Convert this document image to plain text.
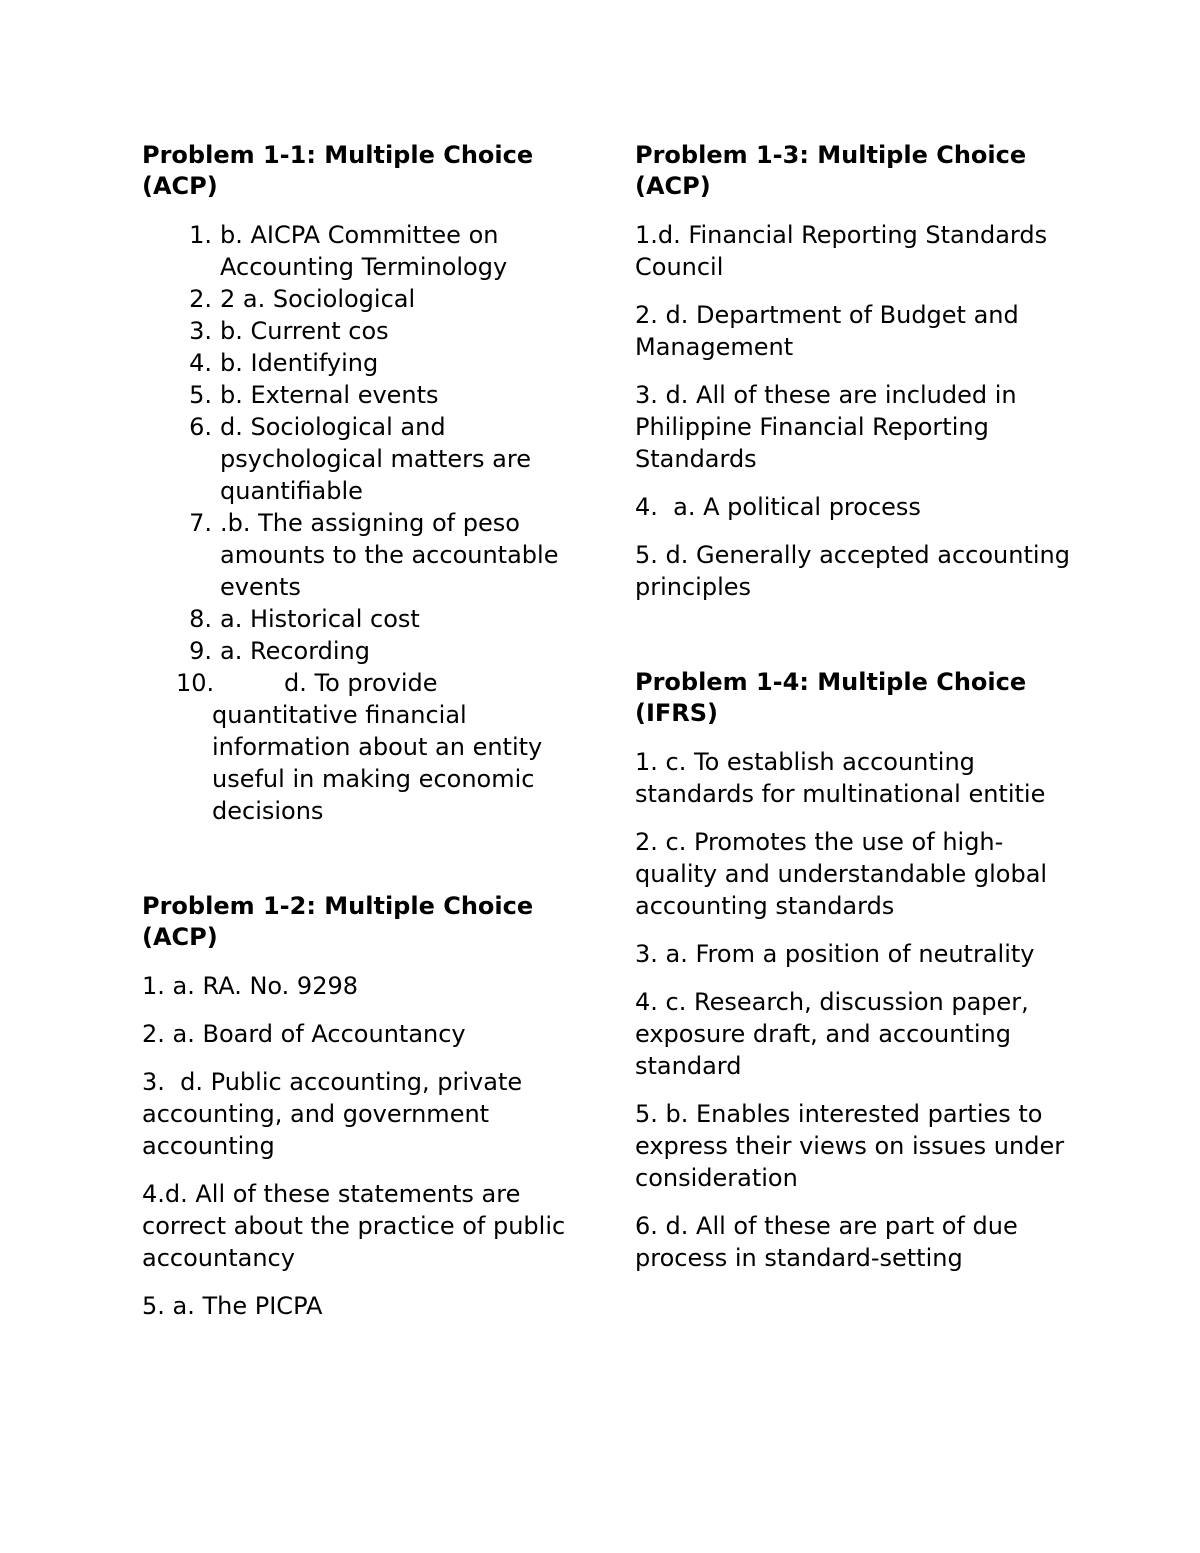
Problem 1-1: Multiple Choice
(ACP)
1. b. AICPA Committee on Accounting Terminology
2. 2 a. Sociological
3. b. Current cos
4. b. Identifying
5. b. External events
6. d. Sociological and psychological matters are quantifiable
7. .b. The assigning of peso amounts to the accountable events
8. a. Historical cost
9. a. Recording
10.	d. To provide quantitative financial information about an entity useful in making economic decisions
Problem 1-2: Multiple Choice
(ACP)

1. a. RA. No. 9298

2. a. Board of Accountancy

3.  d. Public accounting, private accounting, and government accounting

4.d. All of these statements are correct about the practice of public accountancy

5. a. The PICPA

Problem 1-3: Multiple Choice
(ACP)

1.d. Financial Reporting Standards Council

2. d. Department of Budget and Management

3. d. All of these are included in Philippine Financial Reporting Standards

4.  a. A political process

5. d. Generally accepted accounting principles

Problem 1-4: Multiple Choice
(IFRS)

1. c. To establish accounting standards for multinational entitie

2. c. Promotes the use of high-quality and understandable global accounting standards

3. a. From a position of neutrality

4. c. Research, discussion paper, exposure draft, and accounting standard

5. b. Enables interested parties to express their views on issues under consideration

6. d. All of these are part of due process in standard-setting
